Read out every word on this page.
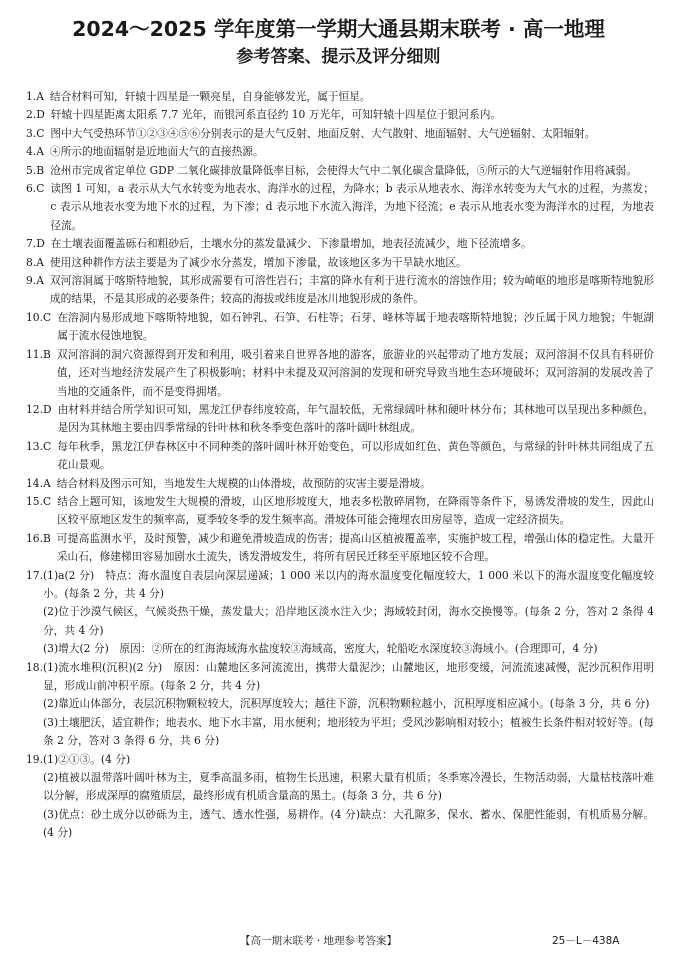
2024～2025 学年度第一学期大通县期末联考 · 高一地理
参考答案、提示及评分细则
1.A 结合材料可知，轩辕十四星是一颗亮星，自身能够发光，属于恒星。
2.D 轩辕十四星距离太阳系 7.7 光年，而银河系直径约 10 万光年，可知轩辕十四星位于银河系内。
3.C 图中大气受热环节①②③④⑤⑥分别表示的是大气反射、地面反射、大气散射、地面辐射、大气逆辐射、太阳辐射。
4.A ④所示的地面辐射是近地面大气的直接热源。
5.B 沧州市完成省定单位 GDP 二氧化碳排放量降低率目标，会使得大气中二氧化碳含量降低，⑤所示的大气逆辐射作用将减弱。
6.C 读图 1 可知，a 表示从大气水转变为地表水、海洋水的过程，为降水；b 表示从地表水、海洋水转变为大气水的过程，为蒸发；c 表示从地表水变为地下水的过程，为下渗；d 表示地下水流入海洋，为地下径流；e 表示从地表水变为海洋水的过程，为地表径流。
7.D 在土壤表面覆盖砾石和粗砂后，土壤水分的蒸发量减少、下渗量增加，地表径流减少，地下径流增多。
8.A 使用这种耕作方法主要是为了减少水分蒸发，增加下渗量，故该地区多为干旱缺水地区。
9.A 双河溶洞属于喀斯特地貌，其形成需要有可溶性岩石；丰富的降水有利于进行流水的溶蚀作用；较为崎岖的地形是喀斯特地貌形成的结果，不是其形成的必要条件；较高的海拔或纬度是冰川地貌形成的条件。
10.C 在溶洞内易形成地下喀斯特地貌，如石钟乳、石笋、石柱等；石芽、峰林等属于地表喀斯特地貌；沙丘属于风力地貌；牛轭湖属于流水侵蚀地貌。
11.B 双河溶洞的洞穴资源得到开发和利用，吸引着来自世界各地的游客，旅游业的兴起带动了地方发展；双河溶洞不仅具有科研价值，还对当地经济发展产生了积极影响；材料中未提及双河溶洞的发现和研究导致当地生态环境破坏；双河溶洞的发展改善了当地的交通条件，而不是变得拥堵。
12.D 由材料并结合所学知识可知，黑龙江伊春纬度较高，年气温较低，无常绿阔叶林和硬叶林分布；其林地可以呈现出多种颜色，是因为其林地主要由四季常绿的针叶林和秋冬季变色落叶的落叶阔叶林组成。
13.C 每年秋季，黑龙江伊春林区中不同种类的落叶阔叶林开始变色，可以形成如红色、黄色等颜色，与常绿的针叶林共同组成了五花山景观。
14.A 结合材料及图示可知，当地发生大规模的山体滑坡，故预防的灾害主要是滑坡。
15.C 结合上题可知，该地发生大规模的滑坡，山区地形坡度大，地表多松散碎屑物，在降雨等条件下，易诱发滑坡的发生，因此山区较平原地区发生的频率高，夏季较冬季的发生频率高。滑坡体可能会掩埋农田房屋等，造成一定经济损失。
16.B 可提高监测水平，及时预警，减少和避免滑坡造成的伤害；提高山区植被覆盖率，实施护坡工程，增强山体的稳定性。大量开采山石，修建梯田容易加剧水土流失，诱发滑坡发生，将所有居民迁移至平原地区较不合理。
17. (1)a(2 分)　特点：海水温度自表层向深层递减；1 000 米以内的海水温度变化幅度较大，1 000 米以下的海水温度变化幅度较小。(每条 2 分，共 4 分)

(2)位于沙漠气候区，气候炎热干燥，蒸发量大；沿岸地区淡水注入少；海域较封闭，海水交换慢等。(每条 2 分，答对 2 条得 4 分，共 4 分)

(3)增大(2 分)　原因：②所在的红海海域海水盐度较③海域高，密度大，轮船吃水深度较③海域小。(合理即可，4 分)

18. (1)流水堆积(沉积)(2 分)　原因：山麓地区多河流流出，携带大量泥沙；山麓地区，地形变缓，河流流速减慢，泥沙沉积作用明显，形成山前冲积平原。(每条 2 分，共 4 分)

(2)靠近山体部分，表层沉积物颗粒较大，沉积厚度较大；越往下游，沉积物颗粒越小，沉积厚度相应减小。(每条 3 分，共 6 分)

(3)土壤肥沃，适宜耕作；地表水、地下水丰富，用水便利；地形较为平坦；受风沙影响相对较小；植被生长条件相对较好等。(每条 2 分，答对 3 条得 6 分，共 6 分)

19. (1)②①③。(4 分)

(2)植被以温带落叶阔叶林为主，夏季高温多雨，植物生长迅速，积累大量有机质；冬季寒冷漫长，生物活动弱，大量枯枝落叶难以分解，形成深厚的腐殖质层，最终形成有机质含量高的黑土。(每条 3 分，共 6 分)

(3)优点：砂土成分以砂砾为主，透气、透水性强，易耕作。(4 分)缺点：大孔隙多，保水、蓄水、保肥性能弱，有机质易分解。(4 分)

【高一期末联考 · 地理参考答案】	25－L－438A
